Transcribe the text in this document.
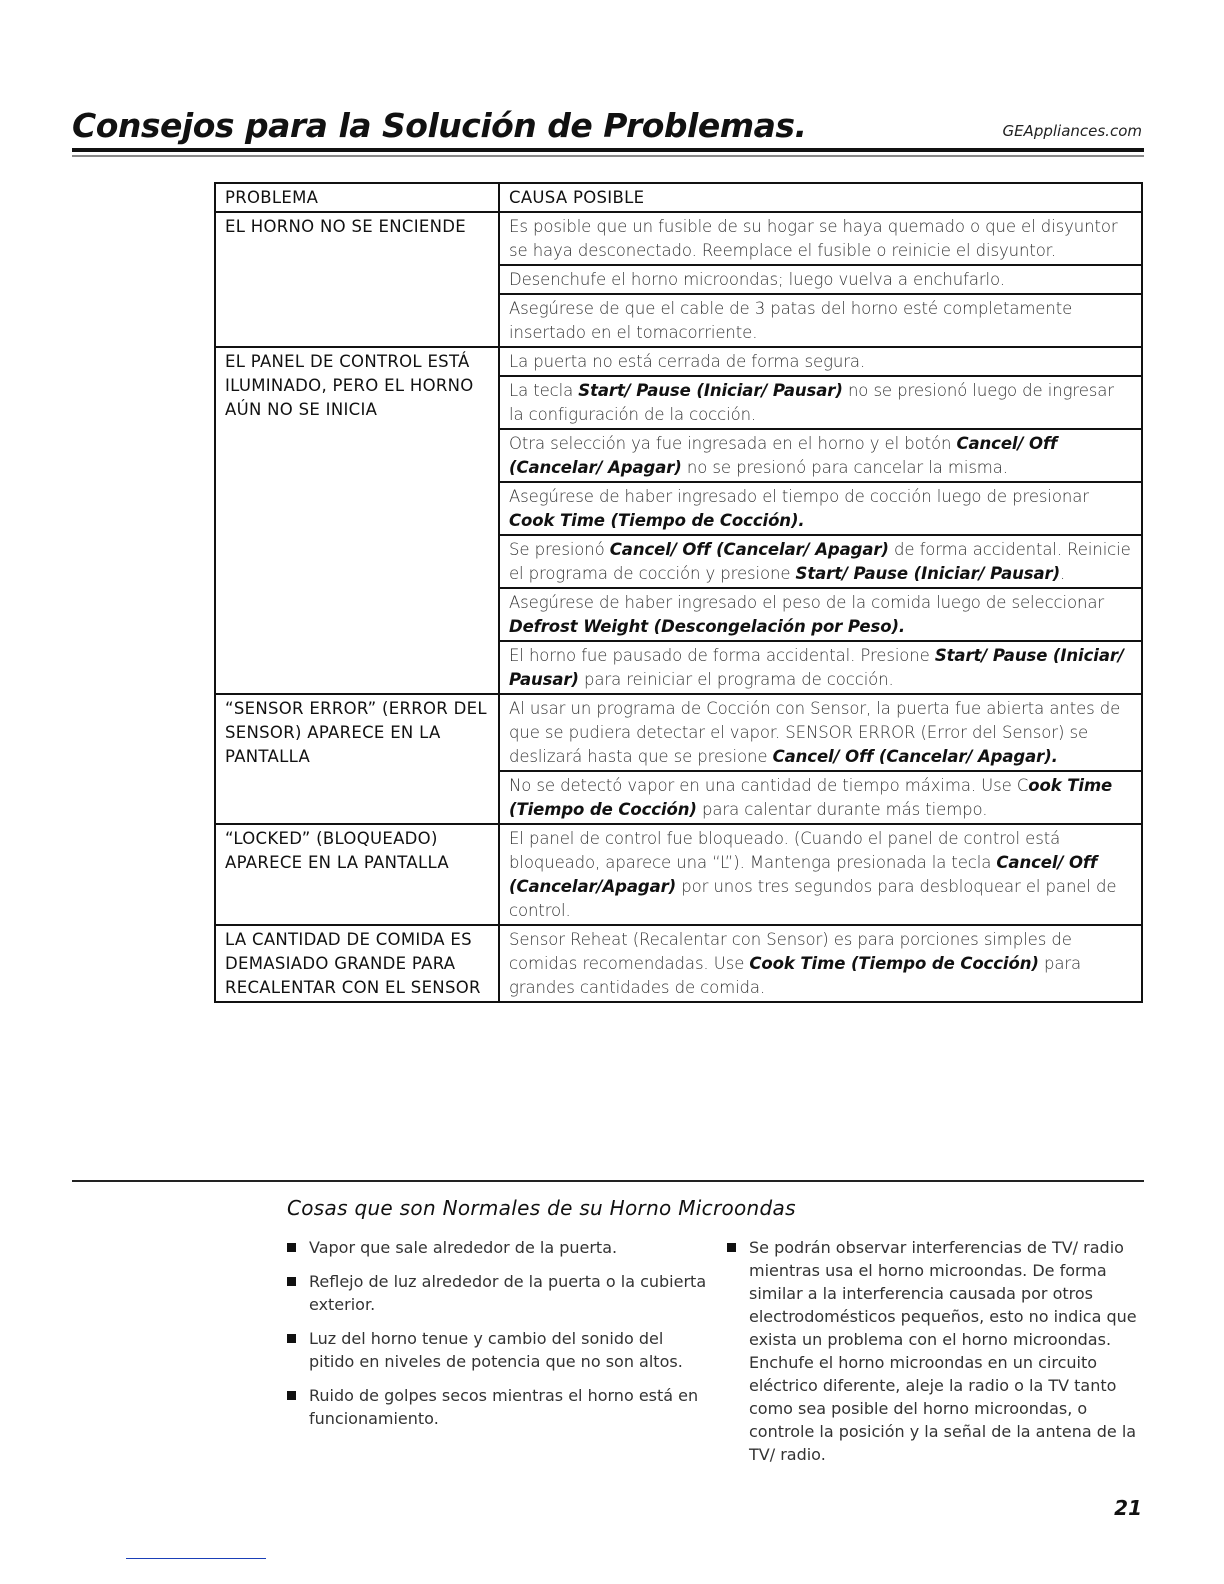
Consejos para la Solución de Problemas.	GEAppliances.com
PROBLEMA	CAUSA POSIBLE
EL HORNO NO SE ENCIENDE	Es posible que un fusible de su hogar se haya quemado o que el disyuntor se haya desconectado. Reemplace el fusible o reinicie el disyuntor.
	Desenchufe el horno microondas; luego vuelva a enchufarlo.
	Asegúrese de que el cable de 3 patas del horno esté completamente insertado en el tomacorriente.
EL PANEL DE CONTROL ESTÁ ILUMINADO, PERO EL HORNO AÚN NO SE INICIA	La puerta no está cerrada de forma segura.
	La tecla Start/ Pause (Iniciar/ Pausar) no se presionó luego de ingresar la configuración de la cocción.
	Otra selección ya fue ingresada en el horno y el botón Cancel/ Off (Cancelar/ Apagar) no se presionó para cancelar la misma.
	Asegúrese de haber ingresado el tiempo de cocción luego de presionar Cook Time (Tiempo de Cocción).
	Se presionó Cancel/ Off (Cancelar/ Apagar) de forma accidental. Reinicie el programa de cocción y presione Start/ Pause (Iniciar/ Pausar).
	Asegúrese de haber ingresado el peso de la comida luego de seleccionar Defrost Weight (Descongelación por Peso).
	El horno fue pausado de forma accidental. Presione Start/ Pause (Iniciar/ Pausar) para reiniciar el programa de cocción.
“SENSOR ERROR” (ERROR DEL SENSOR) APARECE EN LA PANTALLA	Al usar un programa de Cocción con Sensor, la puerta fue abierta antes de que se pudiera detectar el vapor. SENSOR ERROR (Error del Sensor) se deslizará hasta que se presione Cancel/ Off (Cancelar/ Apagar).
	No se detectó vapor en una cantidad de tiempo máxima. Use Cook Time (Tiempo de Cocción) para calentar durante más tiempo.
“LOCKED” (BLOQUEADO) APARECE EN LA PANTALLA	El panel de control fue bloqueado. (Cuando el panel de control está bloqueado, aparece una “L”). Mantenga presionada la tecla Cancel/ Off (Cancelar/Apagar) por unos tres segundos para desbloquear el panel de control.
LA CANTIDAD DE COMIDA ES DEMASIADO GRANDE PARA RECALENTAR CON EL SENSOR	Sensor Reheat (Recalentar con Sensor) es para porciones simples de comidas recomendadas. Use Cook Time (Tiempo de Cocción) para grandes cantidades de comida.
Cosas que son Normales de su Horno Microondas
Vapor que sale alrededor de la puerta.
Reflejo de luz alrededor de la puerta o la cubierta exterior.
Luz del horno tenue y cambio del sonido del pitido en niveles de potencia que no son altos.
Ruido de golpes secos mientras el horno está en funcionamiento.
Se podrán observar interferencias de TV/ radio mientras usa el horno microondas. De forma similar a la interferencia causada por otros electrodomésticos pequeños, esto no indica que exista un problema con el horno microondas. Enchufe el horno microondas en un circuito eléctrico diferente, aleje la radio o la TV tanto como sea posible del horno microondas, o controle la posición y la señal de la antena de la TV/ radio.
21
